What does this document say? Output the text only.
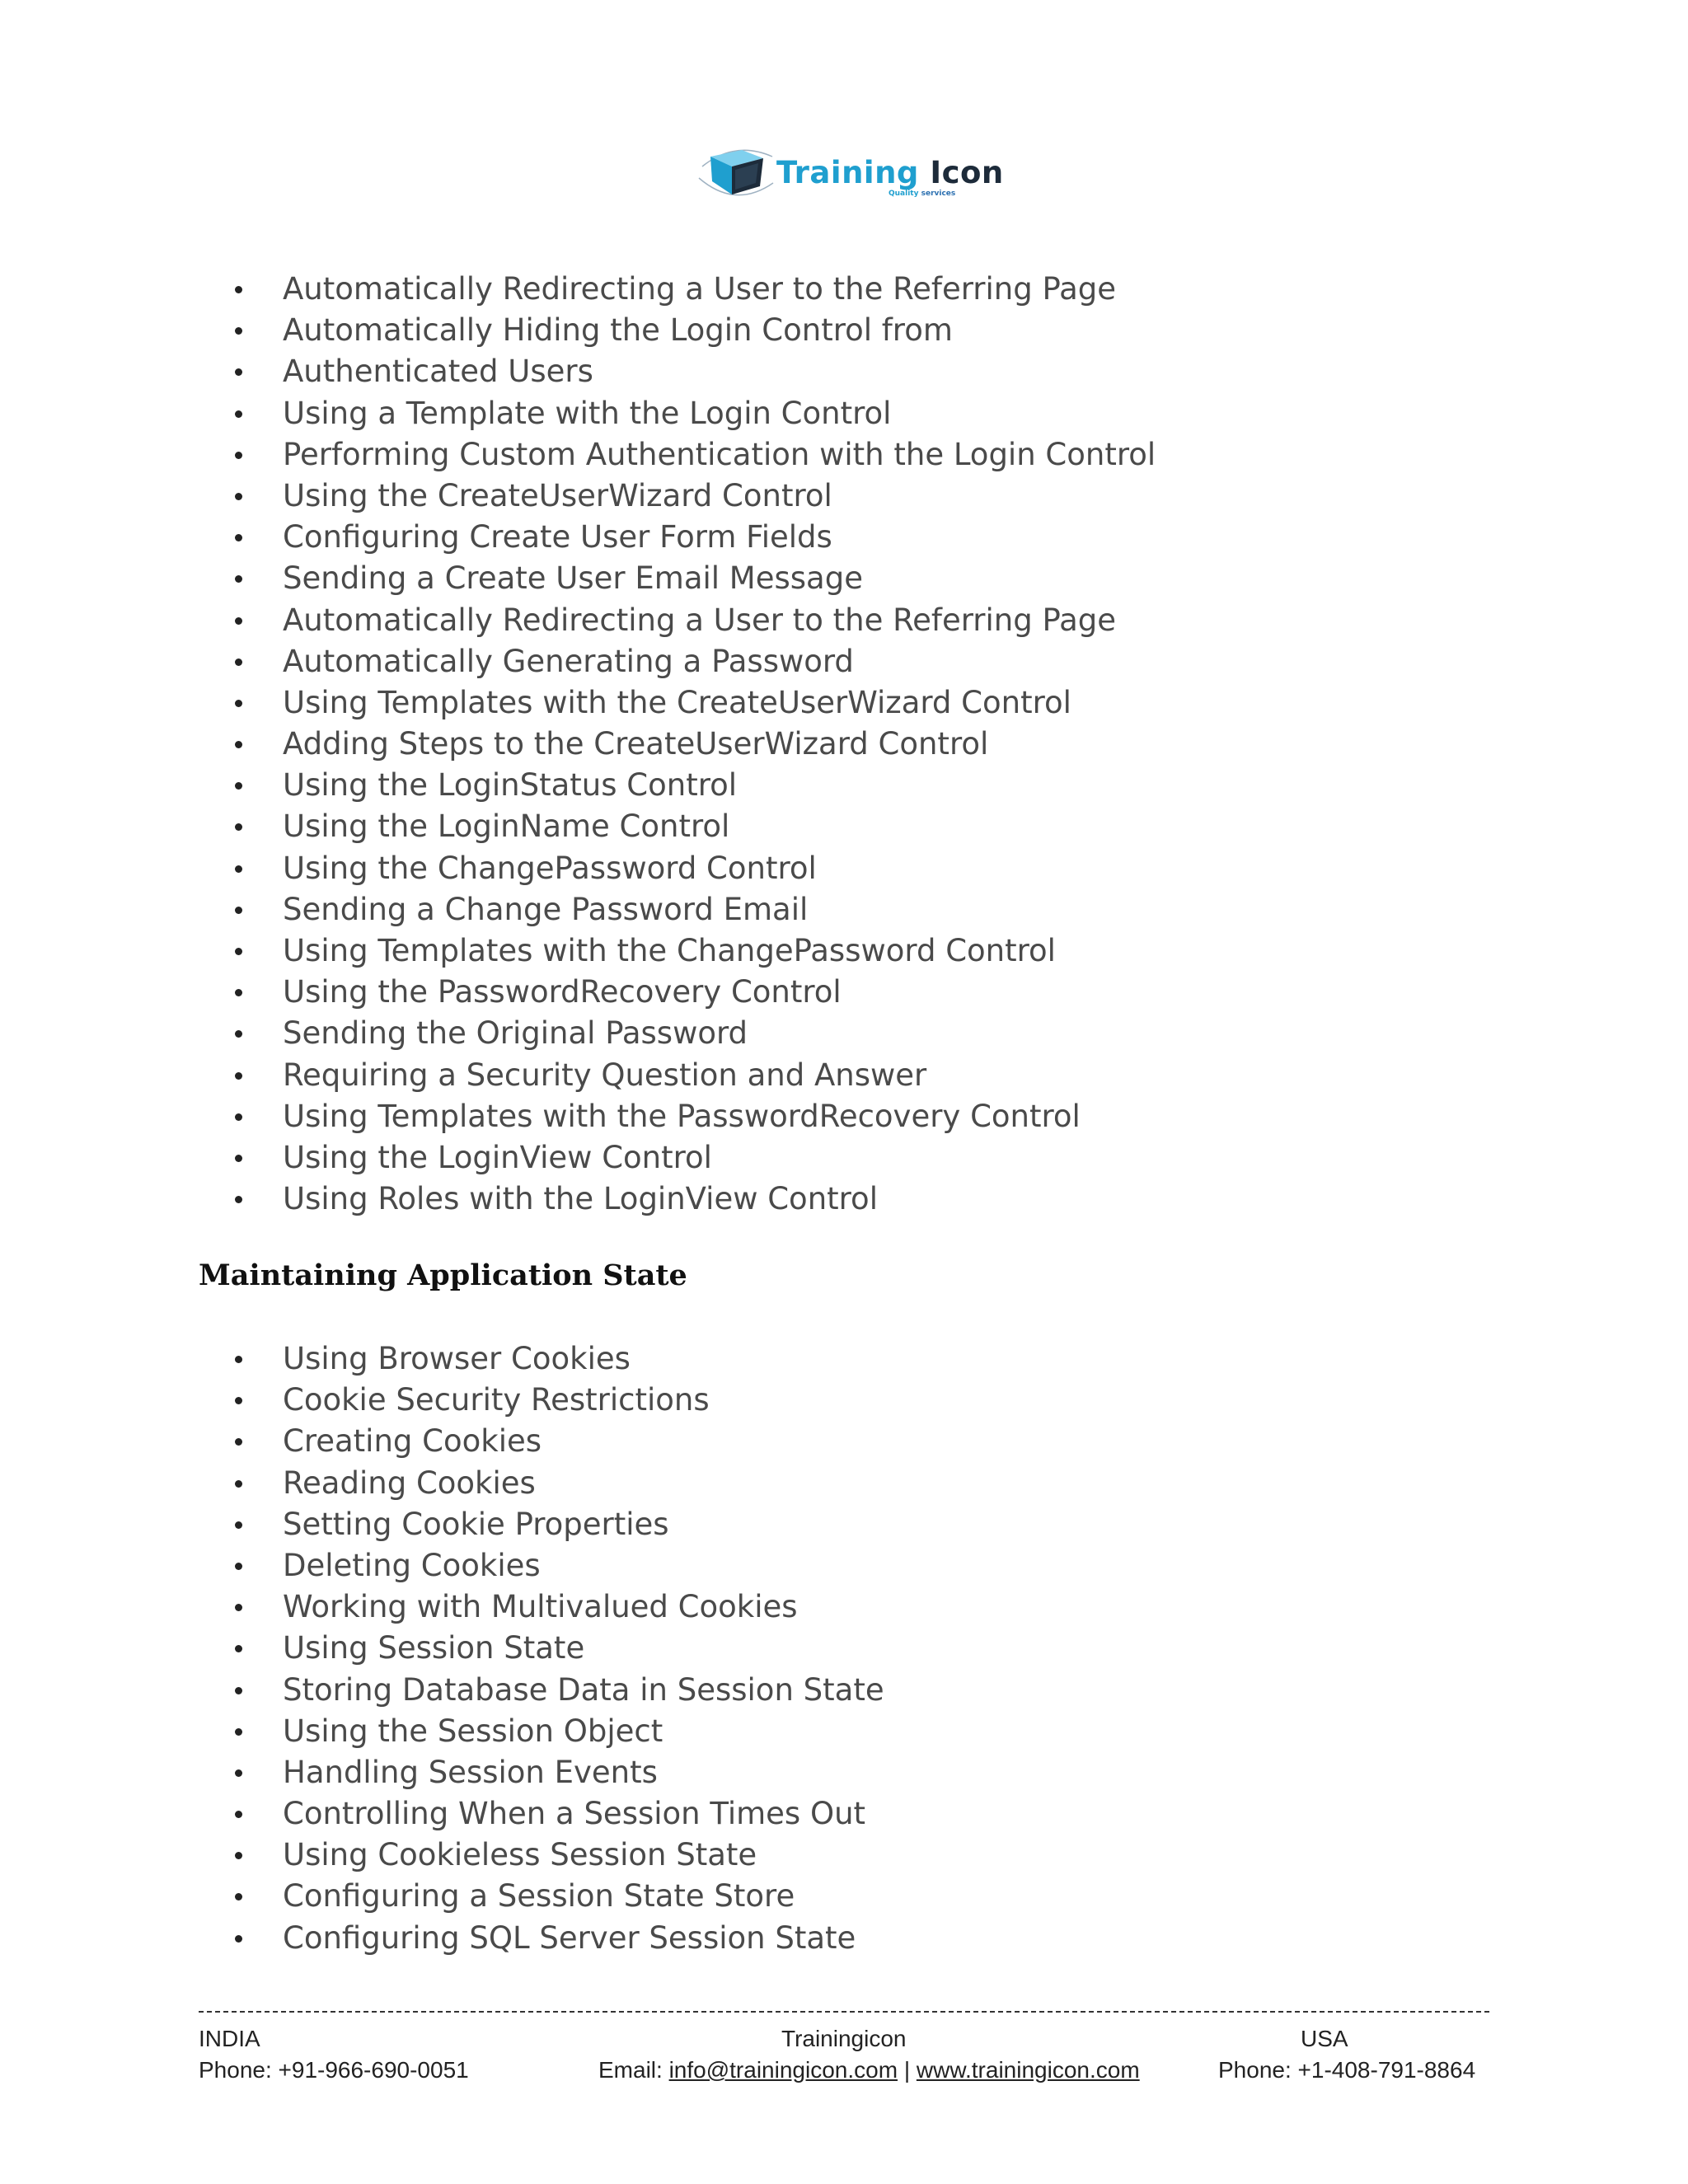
Training Icon
Quality services
Automatically Redirecting a User to the Referring Page
Automatically Hiding the Login Control from
Authenticated Users
Using a Template with the Login Control
Performing Custom Authentication with the Login Control
Using the CreateUserWizard Control
Configuring Create User Form Fields
Sending a Create User Email Message
Automatically Redirecting a User to the Referring Page
Automatically Generating a Password
Using Templates with the CreateUserWizard Control
Adding Steps to the CreateUserWizard Control
Using the LoginStatus Control
Using the LoginName Control
Using the ChangePassword Control
Sending a Change Password Email
Using Templates with the ChangePassword Control
Using the PasswordRecovery Control
Sending the Original Password
Requiring a Security Question and Answer
Using Templates with the PasswordRecovery Control
Using the LoginView Control
Using Roles with the LoginView Control
Maintaining Application State
Using Browser Cookies
Cookie Security Restrictions
Creating Cookies
Reading Cookies
Setting Cookie Properties
Deleting Cookies
Working with Multivalued Cookies
Using Session State
Storing Database Data in Session State
Using the Session Object
Handling Session Events
Controlling When a Session Times Out
Using Cookieless Session State
Configuring a Session State Store
Configuring SQL Server Session State
INDIA
Phone: +91-966-690-0051
Trainingicon
Email: info@trainingicon.com | www.trainingicon.com
USA
Phone: +1-408-791-8864
